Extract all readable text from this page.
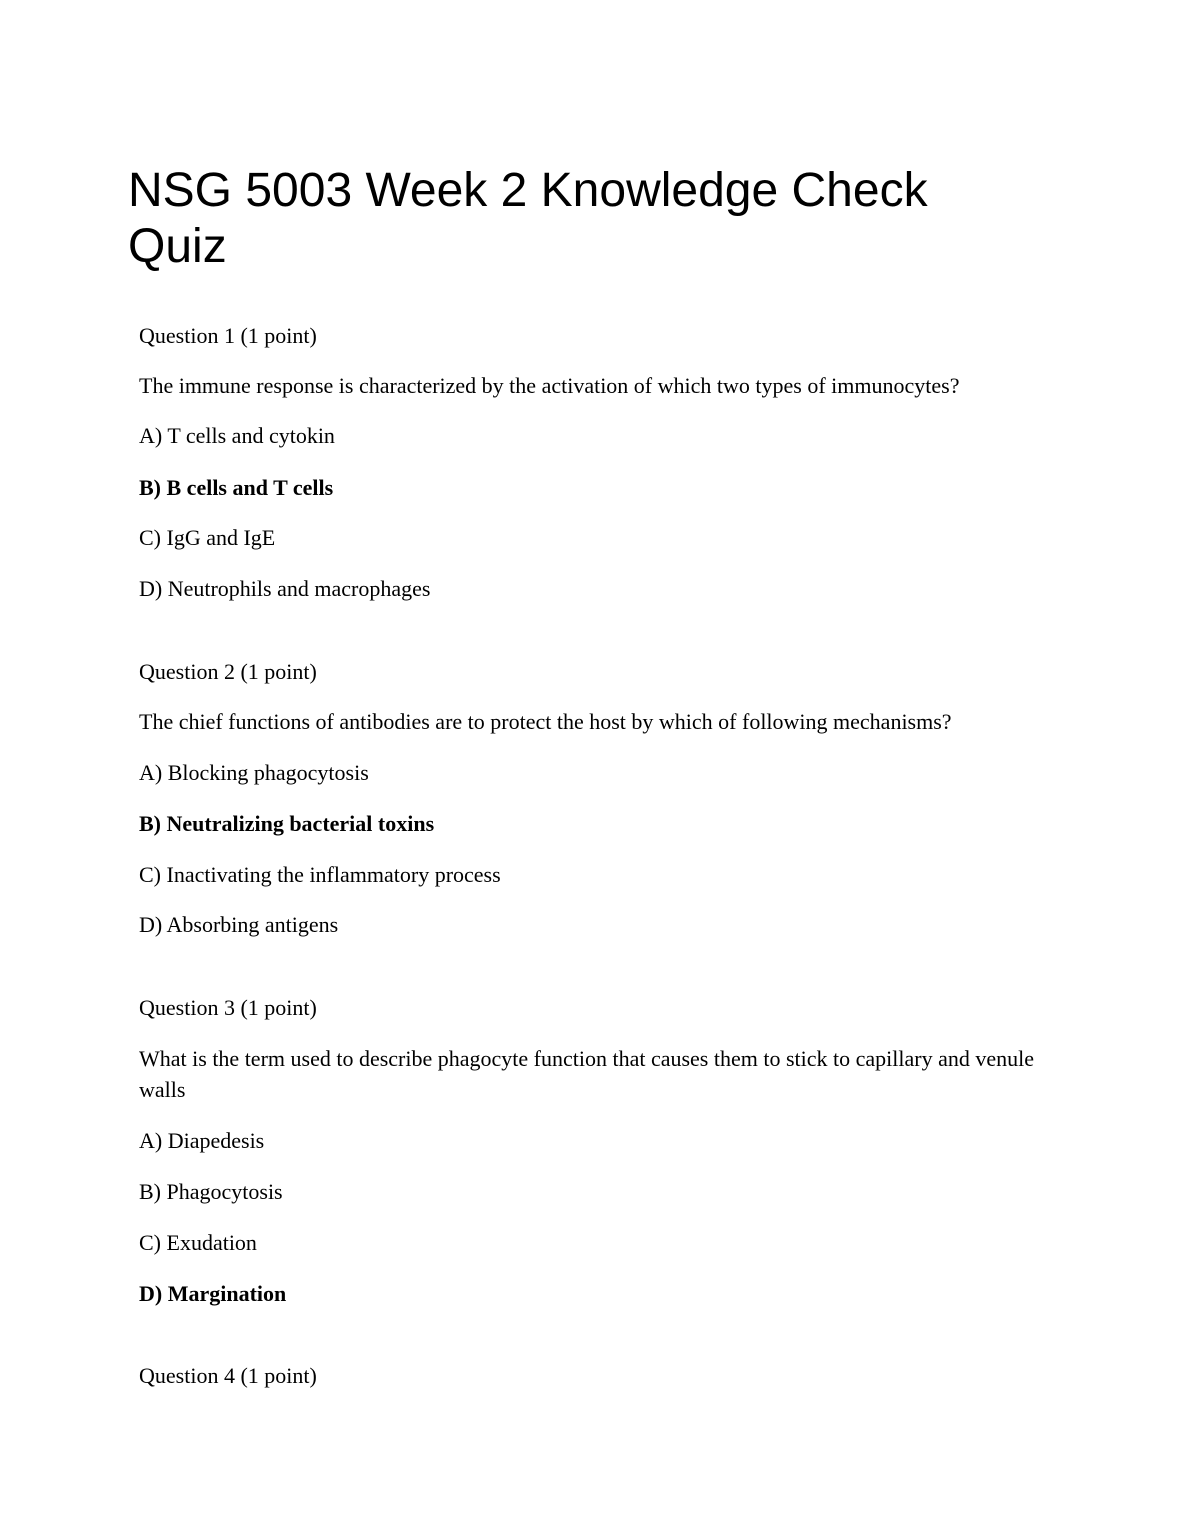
NSG 5003 Week 2 Knowledge Check
Quiz

Question 1 (1 point)

The immune response is characterized by the activation of which two types of immunocytes?

A) T cells and cytokin

B) B cells and T cells

C) IgG and IgE

D) Neutrophils and macrophages

Question 2 (1 point)

The chief functions of antibodies are to protect the host by which of following mechanisms?

A) Blocking phagocytosis

B) Neutralizing bacterial toxins

C) Inactivating the inflammatory process

D) Absorbing antigens

Question 3 (1 point)

What is the term used to describe phagocyte function that causes them to stick to capillary and venule walls

A) Diapedesis

B) Phagocytosis

C) Exudation

D) Margination

Question 4 (1 point)
